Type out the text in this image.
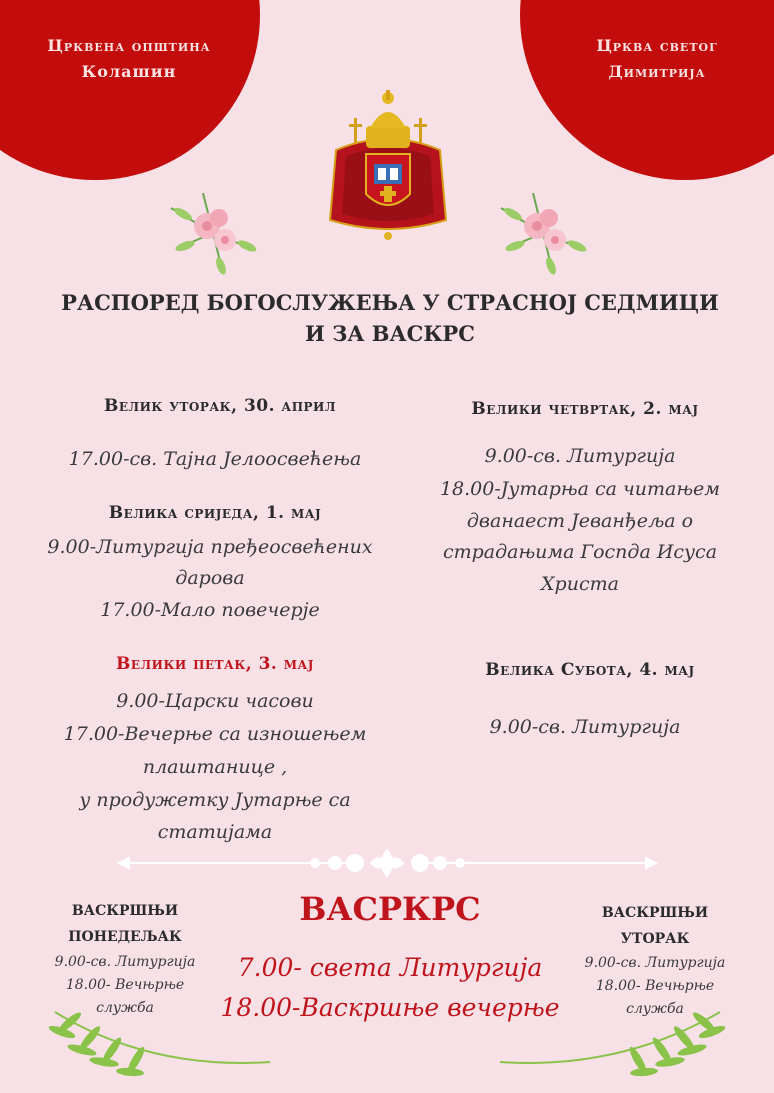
Црквена општина
Колашин
Црква светог
Димитрија
РАСПОРЕД БОГОСЛУЖЕЊА У СТРАСНОЈ СЕДМИЦИ
И ЗА ВАСКРС
Велик уторак, 30. април
17.00-св. Тајна Јелоосвећења
Велика сриједа, 1. мај
9.00-Литургија пређеосвећених
дарова
17.00-Мало повечерје
Велики петак, 3. мај
9.00-Царски часови
17.00-Вечерње са изношењем
плаштанице ,
у продужетку Јутарње са
статијама
Велики четвртак, 2. мај
9.00-св. Литургија
18.00-Јутарња са читањем
дванаест Јеванђеља о
страдањима Госпда Исуса
Христа
Велика Субота, 4. мај
9.00-св. Литургија
ВАСРКРС
7.00- света Литургија
18.00-Васкршње вечерње
ВАСКРШЊИ
ПОНЕДЕЉАК
9.00-св. Литургија
18.00- Вечњрње
служба
ВАСКРШЊИ
УТОРАК
9.00-св. Литургија
18.00- Вечњрње
служба
